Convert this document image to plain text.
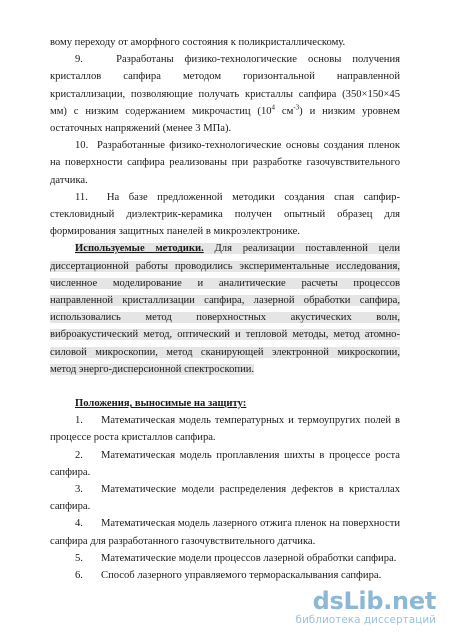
вому переходу от аморфного состояния к поликристаллическому.

9.   Разработаны физико-технологические основы получения кристаллов сапфира методом горизонтальной направленной кристаллизации, позволяющие получать кристаллы сапфира (350×150×45 мм) с низким содержанием микрочастиц ($10^4$ $см^{-3}$) и низким уровнем остаточных напряжений (менее 3 МПа).

10.  Разработанные физико-технологические основы создания пленок на поверхности сапфира реализованы при разработке газочувствительного датчика.

11.  На базе предложенной методики создания спая сапфир-стекловидный диэлектрик-керамика получен опытный образец для формирования защитных панелей в микроэлектронике.

Используемые методики. Для реализации поставленной цели диссертационной работы проводились экспериментальные исследования, численное моделирование и аналитические расчеты процессов направленной кристаллизации сапфира, лазерной обработки сапфира, использовались метод поверхностных акустических волн, виброакустический метод, оптический и тепловой методы, метод атомно-силовой микроскопии, метод сканирующей электронной микроскопии, метод энерго-дисперсионной спектроскопии.

Положения, выносимые на защиту:

1. Математическая модель температурных и термоупругих полей в процессе роста кристаллов сапфира.

2. Математическая модель проплавления шихты в процессе роста сапфира.

3. Математические модели распределения дефектов в кристаллах сапфира.

4. Математическая модель лазерного отжига пленок на поверхности сапфира для разработанного газочувствительного датчика.

5. Математические модели процессов лазерной обработки сапфира.

6. Способ лазерного управляемого термораскалывания сапфира.

dsLib.net
библиотека диссертаций
